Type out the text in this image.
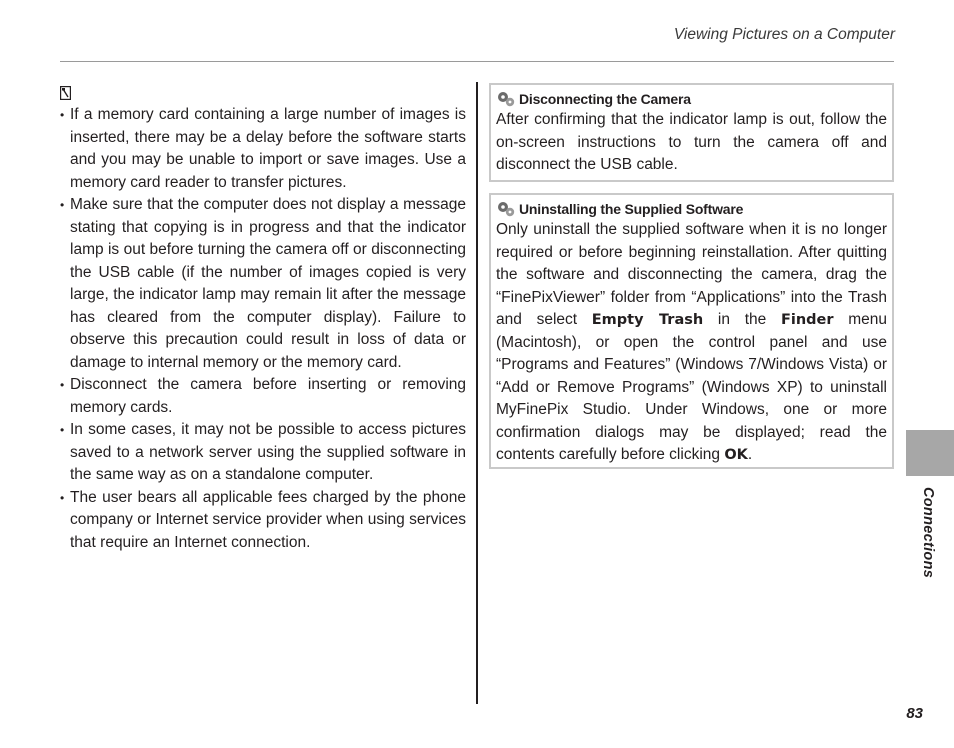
Viewing Pictures on a Computer
• If a memory card containing a large number of images is inserted, there may be a delay before the software starts and you may be unable to import or save images. Use a memory card reader to transfer pictures.
• Make sure that the computer does not display a message stating that copying is in progress and that the indicator lamp is out before turning the camera off or disconnecting the USB cable (if the number of images copied is very large, the indicator lamp may remain lit after the message has cleared from the computer display). Failure to observe this precaution could result in loss of data or damage to internal memory or the memory card.
• Disconnect the camera before inserting or removing memory cards.
• In some cases, it may not be possible to access pictures saved to a network server using the supplied software in the same way as on a standalone computer.
• The user bears all applicable fees charged by the phone company or Internet service provider when using services that require an Internet connection.
Disconnecting the Camera
After confirming that the indicator lamp is out, follow the on-screen instructions to turn the camera off and disconnect the USB cable.
Uninstalling the Supplied Software
Only uninstall the supplied software when it is no longer required or before beginning reinstallation. After quitting the software and disconnecting the camera, drag the “FinePixViewer” folder from “Applications” into the Trash and select Empty Trash in the Finder menu (Macintosh), or open the control panel and use “Programs and Features” (Windows 7/Windows Vista) or “Add or Remove Programs” (Windows XP) to uninstall MyFinePix Studio. Under Windows, one or more confirmation dialogs may be displayed; read the contents carefully before clicking OK.
Connections
83
